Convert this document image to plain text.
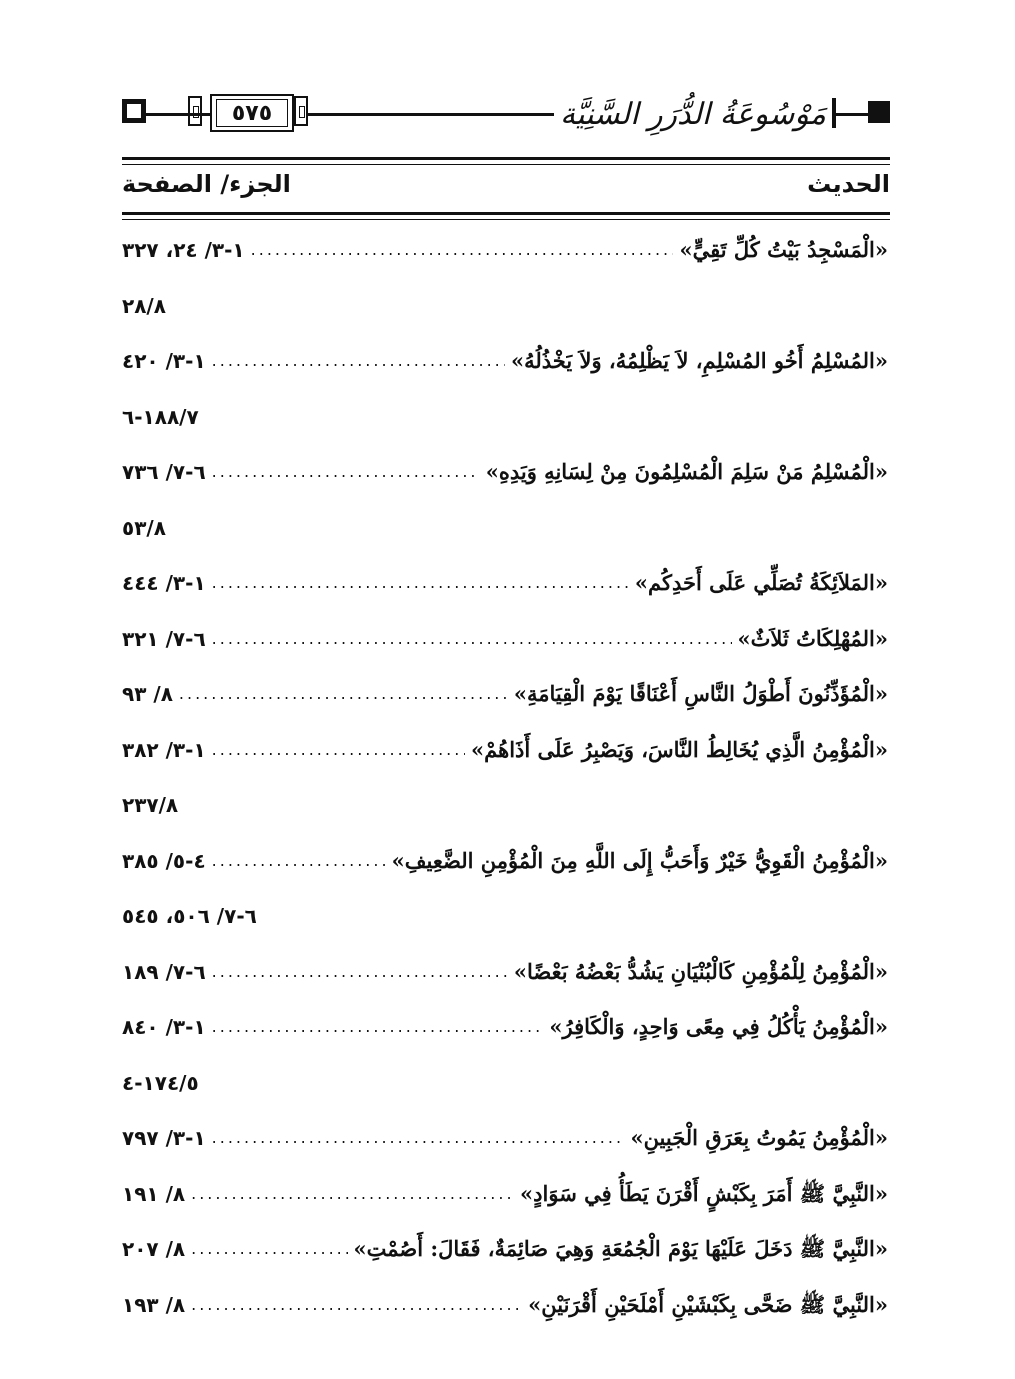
٥٧٥	مَوْسُوعَةُ الدُّرَرِ السَّنِيَّة
الحديث
الجزء/ الصفحة
«الْمَسْجِدُ بَيْتُ كُلِّ تَقِيٍّ»
.....
١-٣/ ٢٤، ٣٢٧
٢٨/٨
«المُسْلِمُ أَخُو المُسْلِمِ، لاَ يَظْلِمُهُ، وَلاَ يَخْذُلُهُ»
.....
١-٣/ ٤٢٠
١٨٨/٧-٦
«الْمُسْلِمُ مَنْ سَلِمَ الْمُسْلِمُونَ مِنْ لِسَانِهِ وَيَدِهِ»
.....
٦-٧/ ٧٣٦
٥٣/٨
«المَلاَئِكَةُ تُصَلِّي عَلَى أَحَدِكُم»
.....
١-٣/ ٤٤٤
«المُهْلِكَاتُ ثَلاَثٌ»
.....
٦-٧/ ٣٢١
«الْمُؤَذِّنُونَ أَطْوَلُ النَّاسِ أَعْنَاقًا يَوْمَ الْقِيَامَةِ»
.....
٨/ ٩٣
«الْمُؤْمِنُ الَّذِي يُخَالِطُ النَّاسَ، وَيَصْبِرُ عَلَى أَذَاهُمْ»
.....
١-٣/ ٣٨٢
٢٣٧/٨
«الْمُؤْمِنُ الْقَوِيُّ خَيْرٌ وَأَحَبُّ إِلَى اللَّهِ مِنَ الْمُؤْمِنِ الضَّعِيفِ»
.....
٤-٥/ ٣٨٥
٦-٧/ ٥٠٦، ٥٤٥
«الْمُؤْمِنُ لِلْمُؤْمِنِ كَالْبُنْيَانِ يَشُدُّ بَعْضُهُ بَعْضًا»
.....
٦-٧/ ١٨٩
«الْمُؤْمِنُ يَأْكُلُ فِي مِعًى وَاحِدٍ، وَالْكَافِرُ»
.....
١-٣/ ٨٤٠
١٧٤/٥-٤
«الْمُؤْمِنُ يَمُوتُ بِعَرَقِ الْجَبِينِ»
.....
١-٣/ ٧٩٧
«النَّبِيَّ ﷺ أَمَرَ بِكَبْشٍ أَقْرَنَ يَطَأُ فِي سَوَادٍ»
.....
٨/ ١٩١
«النَّبِيَّ ﷺ دَخَلَ عَلَيْهَا يَوْمَ الْجُمُعَةِ وَهِيَ صَائِمَةٌ، فَقَالَ: أَصُمْتِ»
.....
٨/ ٢٠٧
«النَّبِيَّ ﷺ ضَحَّى بِكَبْشَيْنِ أَمْلَحَيْنِ أَقْرَنَيْنِ»
.....
٨/ ١٩٣
